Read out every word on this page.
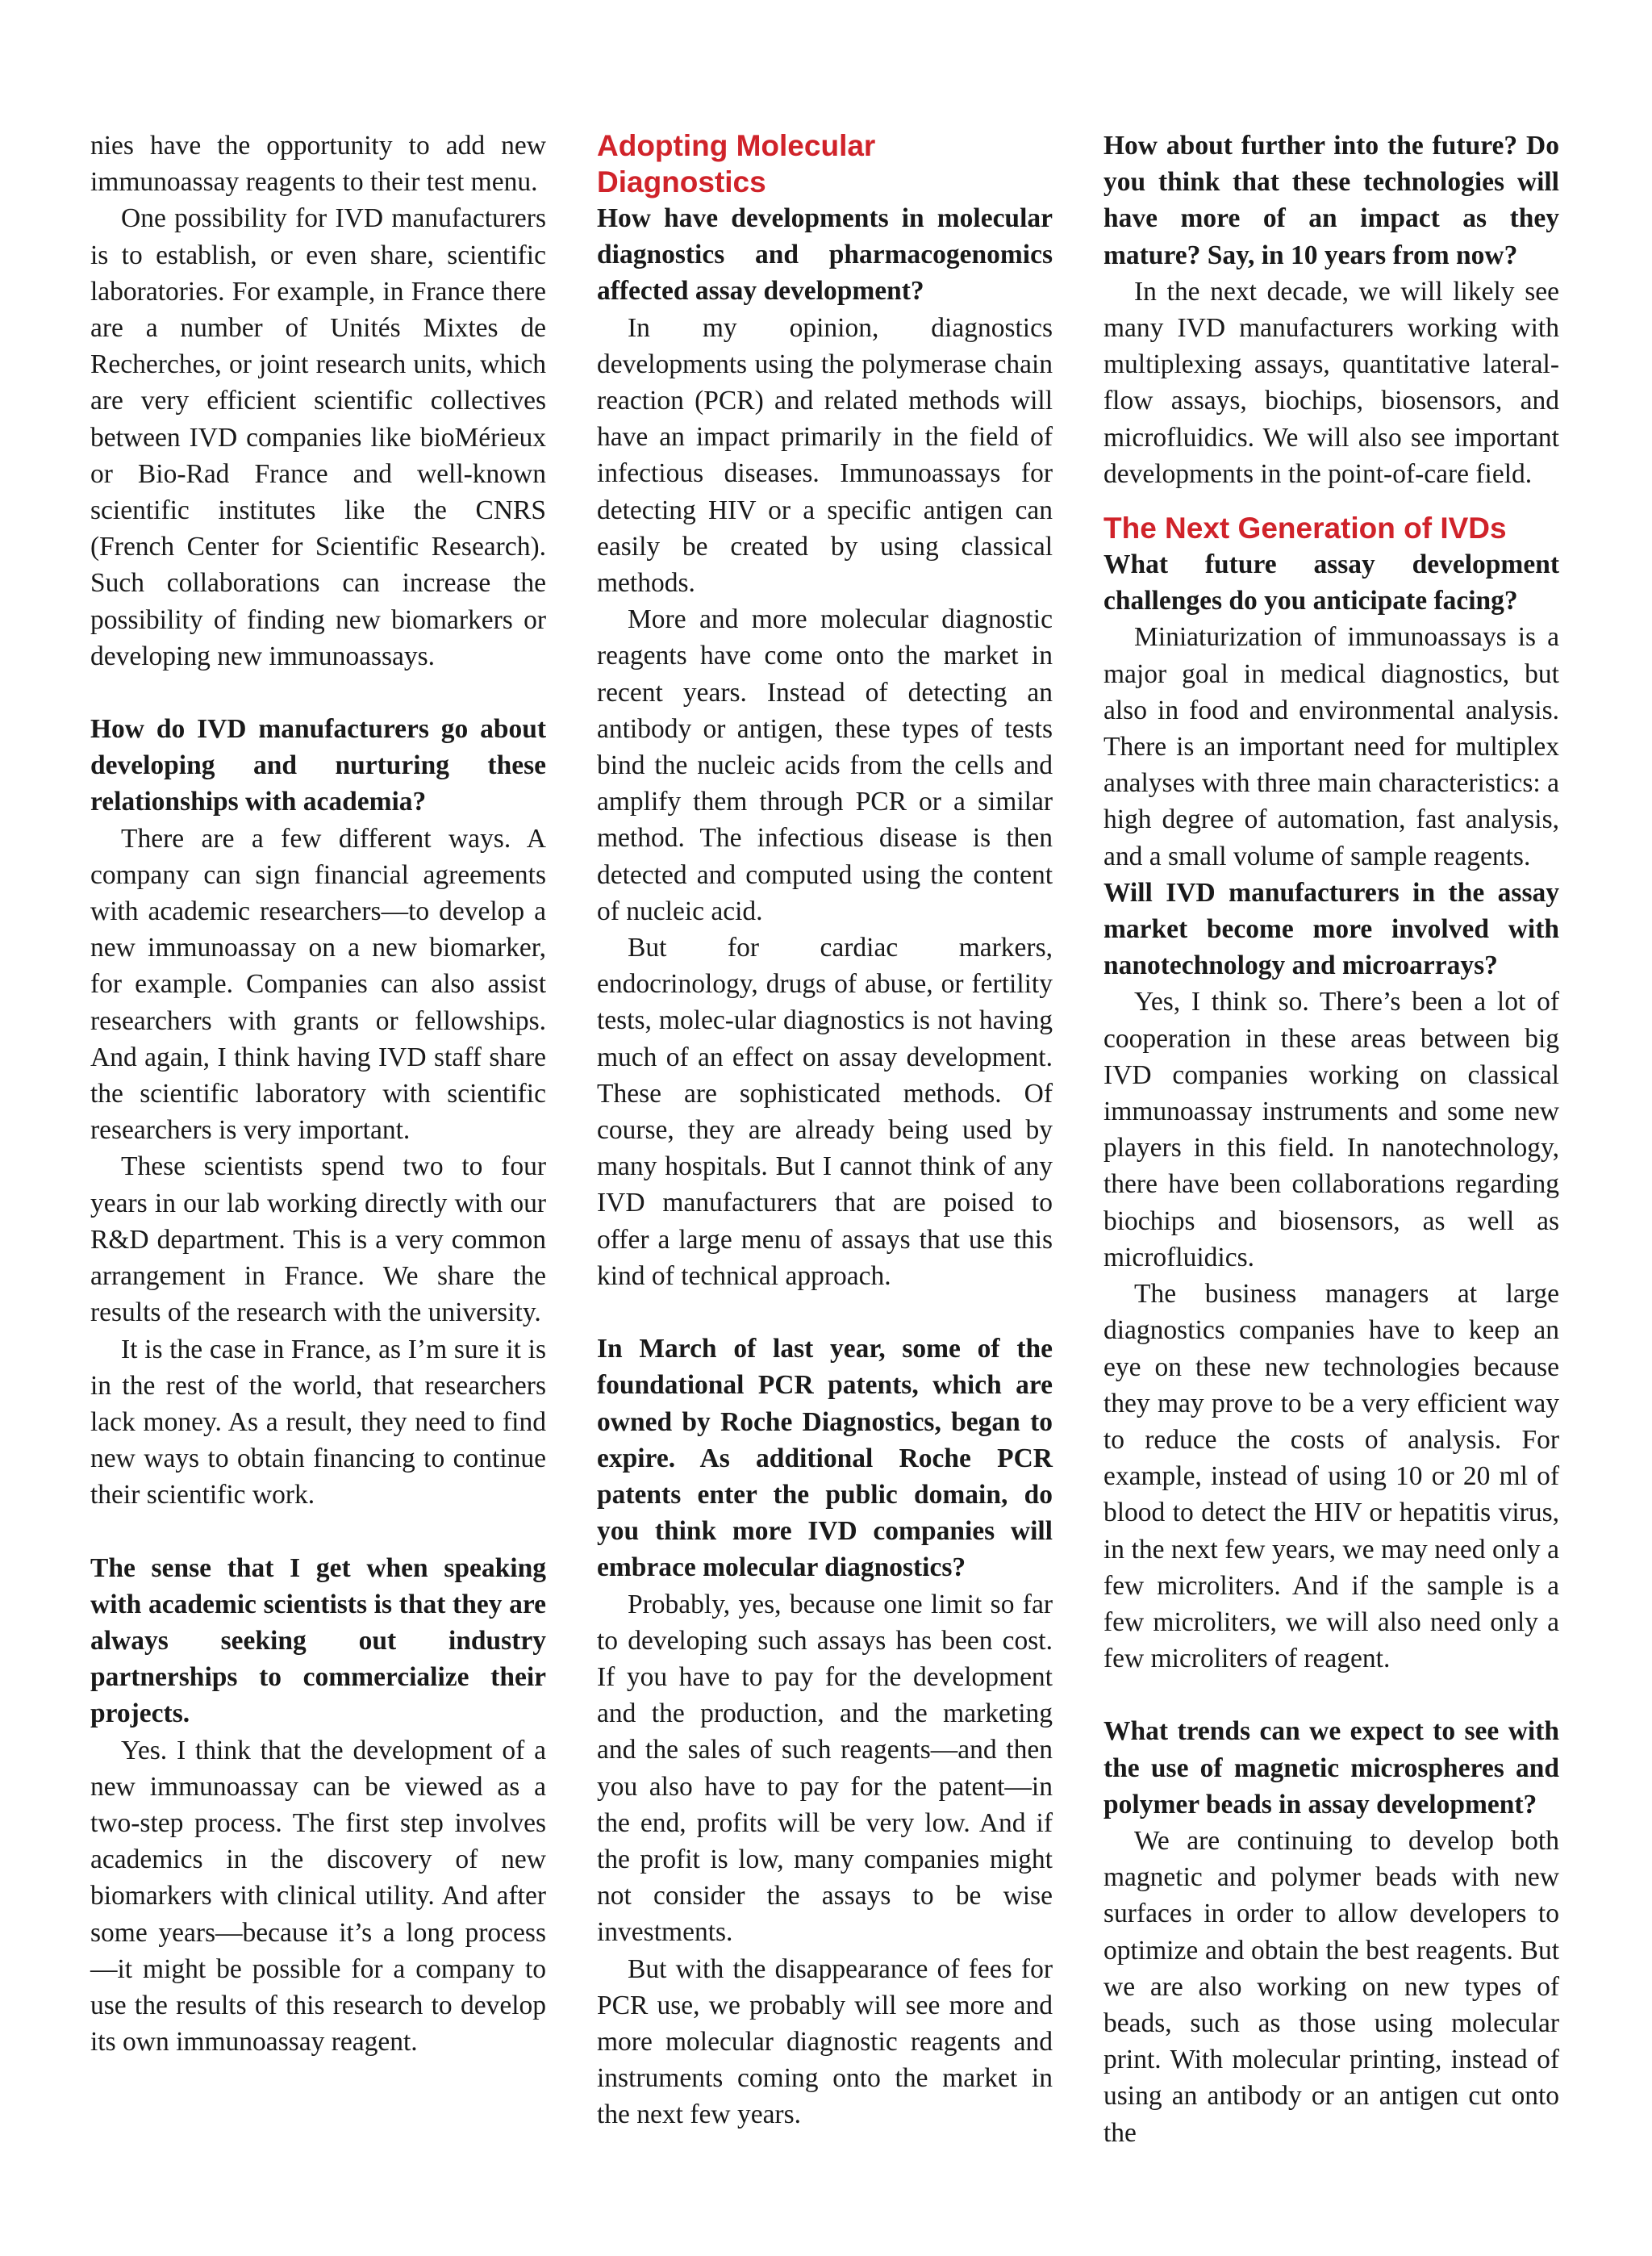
nies have the opportunity to add new immunoassay reagents to their test menu.

One possibility for IVD manufacturers is to establish, or even share, scientific laboratories. For example, in France there are a number of Unités Mixtes de Recherches, or joint research units, which are very efficient scientific collectives between IVD companies like bioMérieux or Bio-Rad France and well-known scientific institutes like the CNRS (French Center for Scientific Research). Such collaborations can increase the possibility of finding new biomarkers or developing new immunoassays.

How do IVD manufacturers go about developing and nurturing these relationships with academia?

There are a few different ways. A company can sign financial agreements with academic researchers—to develop a new immunoassay on a new biomarker, for example. Companies can also assist researchers with grants or fellowships. And again, I think having IVD staff share the scientific laboratory with scientific researchers is very important.

These scientists spend two to four years in our lab working directly with our R&D department. This is a very common arrangement in France. We share the results of the research with the university.

It is the case in France, as I’m sure it is in the rest of the world, that researchers lack money. As a result, they need to find new ways to obtain financing to continue their scientific work.

The sense that I get when speaking with academic scientists is that they are always seeking out industry partnerships to commercialize their projects.

Yes. I think that the development of a new immunoassay can be viewed as a two-step process. The first step involves academics in the discovery of new biomarkers with clinical utility. And after some years—because it’s a long process—it might be possible for a company to use the results of this research to develop its own immunoassay reagent.

Adopting Molecular Diagnostics

How have developments in molecular diagnostics and pharmacogenomics affected assay development?

In my opinion, diagnostics developments using the polymerase chain reaction (PCR) and related methods will have an impact primarily in the field of infectious diseases. Immunoassays for detecting HIV or a specific antigen can easily be created by using classical methods.

More and more molecular diagnostic reagents have come onto the market in recent years. Instead of detecting an antibody or antigen, these types of tests bind the nucleic acids from the cells and amplify them through PCR or a similar method. The infectious disease is then detected and computed using the content of nucleic acid.

But for cardiac markers, endocrinology, drugs of abuse, or fertility tests, molec-ular diagnostics is not having much of an effect on assay development. These are sophisticated methods. Of course, they are already being used by many hospitals. But I cannot think of any IVD manufacturers that are poised to offer a large menu of assays that use this kind of technical approach.

In March of last year, some of the foundational PCR patents, which are owned by Roche Diagnostics, began to expire. As additional Roche PCR patents enter the public domain, do you think more IVD companies will embrace molecular diagnostics?

Probably, yes, because one limit so far to developing such assays has been cost. If you have to pay for the development and the production, and the marketing and the sales of such reagents—and then you also have to pay for the patent—in the end, profits will be very low. And if the profit is low, many companies might not consider the assays to be wise investments.

But with the disappearance of fees for PCR use, we probably will see more and more molecular diagnostic reagents and instruments coming onto the market in the next few years.

How about further into the future? Do you think that these technologies will have more of an impact as they mature? Say, in 10 years from now?

In the next decade, we will likely see many IVD manufacturers working with multiplexing assays, quantitative lateral-flow assays, biochips, biosensors, and microfluidics. We will also see important developments in the point-of-care field.

The Next Generation of IVDs

What future assay development challenges do you anticipate facing?

Miniaturization of immunoassays is a major goal in medical diagnostics, but also in food and environmental analysis. There is an important need for multiplex analyses with three main characteristics: a high degree of automation, fast analysis, and a small volume of sample reagents.

Will IVD manufacturers in the assay market become more involved with nanotechnology and microarrays?

Yes, I think so. There’s been a lot of cooperation in these areas between big IVD companies working on classical immunoassay instruments and some new players in this field. In nanotechnology, there have been collaborations regarding biochips and biosensors, as well as microfluidics.

The business managers at large diagnostics companies have to keep an eye on these new technologies because they may prove to be a very efficient way to reduce the costs of analysis. For example, instead of using 10 or 20 ml of blood to detect the HIV or hepatitis virus, in the next few years, we may need only a few microliters. And if the sample is a few microliters, we will also need only a few microliters of reagent.

What trends can we expect to see with the use of magnetic microspheres and polymer beads in assay development?

We are continuing to develop both magnetic and polymer beads with new surfaces in order to allow developers to optimize and obtain the best reagents. But we are also working on new types of beads, such as those using molecular print. With molecular printing, instead of using an antibody or an antigen cut onto the
